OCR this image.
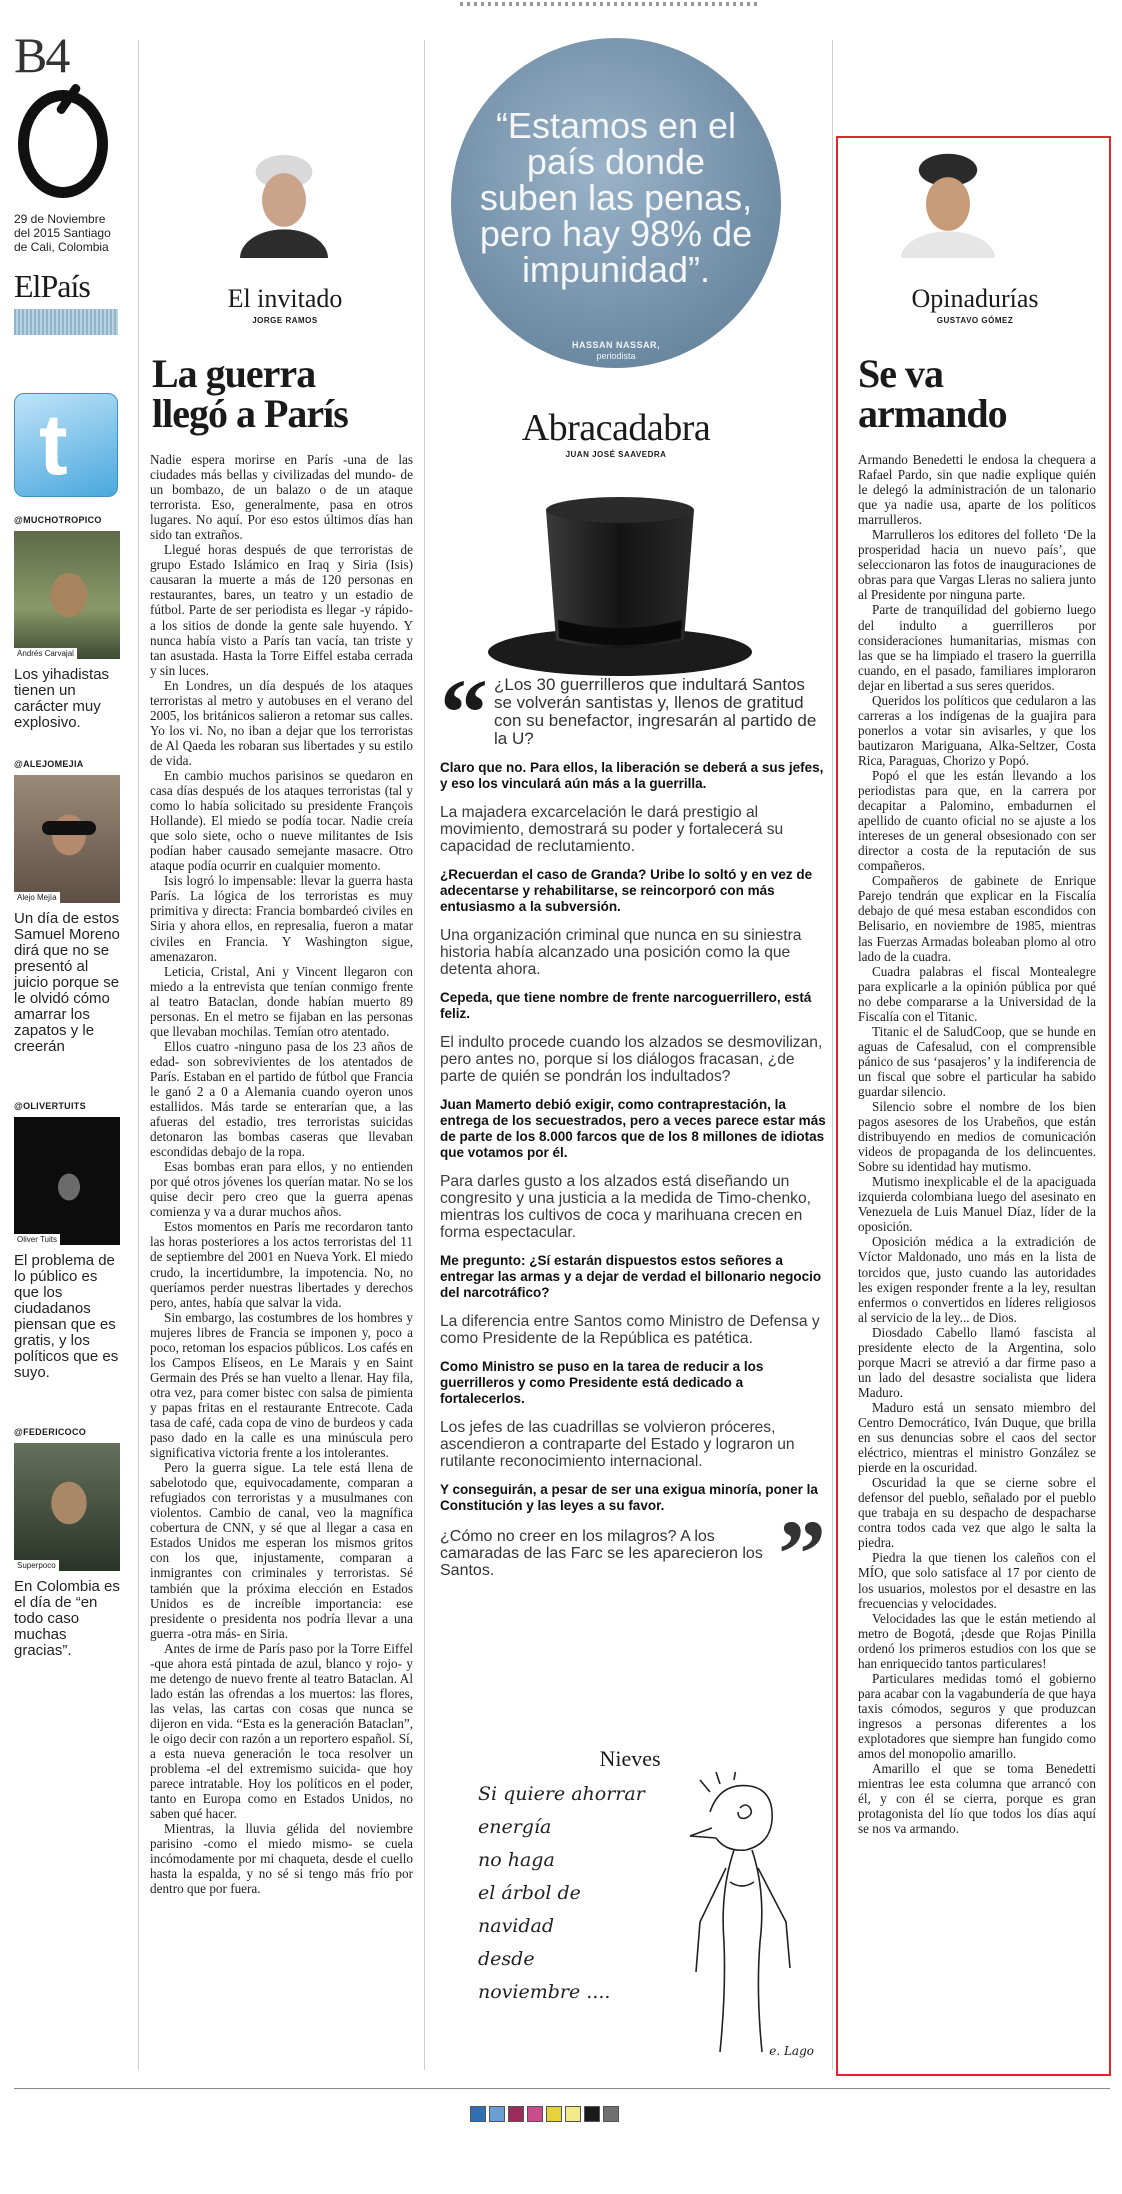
B4
29 de Noviembre del 2015 Santiago de Cali, Colombia
ElPaís
t
@MUCHOTROPICO
Andrés Carvajal
Los yihadistas tienen un carácter muy explosivo.
@ALEJOMEJIA
Alejo Mejía
Un día de estos Samuel Moreno dirá que no se presentó al juicio porque se le olvidó cómo amarrar los zapatos y le creerán
@OLIVERTUITS
Oliver Tuits
El problema de lo público es que los ciudadanos piensan que es gratis, y los políticos que es suyo.
@FEDERICOCO
Superpoco
En Colombia es el día de “en todo caso muchas gracias”.
El invitado
JORGE RAMOS
La guerra
llegó a París

Nadie espera morirse en París -una de las ciudades más bellas y civilizadas del mundo- de un bombazo, de un balazo o de un ataque terrorista. Eso, generalmente, pasa en otros lugares. No aquí. Por eso estos últimos días han sido tan extraños.

Llegué horas después de que terroristas de grupo Estado Islámico en Iraq y Siria (Isis) causaran la muerte a más de 120 personas en restaurantes, bares, un teatro y un estadio de fútbol. Parte de ser periodista es llegar -y rápido- a los sitios de donde la gente sale huyendo. Y nunca había visto a París tan vacía, tan triste y tan asustada. Hasta la Torre Eiffel estaba cerrada y sin luces.

En Londres, un día después de los ataques terroristas al metro y autobuses en el verano del 2005, los británicos salieron a retomar sus calles. Yo los vi. No, no iban a dejar que los terroristas de Al Qaeda les robaran sus libertades y su estilo de vida.

En cambio muchos parisinos se quedaron en casa días después de los ataques terroristas (tal y como lo había solicitado su presidente François Hollande). El miedo se podía tocar. Nadie creía que solo siete, ocho o nueve militantes de Isis podían haber causado semejante masacre. Otro ataque podía ocurrir en cualquier momento.

Isis logró lo impensable: llevar la guerra hasta París. La lógica de los terroristas es muy primitiva y directa: Francia bombardeó civiles en Siria y ahora ellos, en represalia, fueron a matar civiles en Francia. Y Washington sigue, amenazaron.

Leticia, Cristal, Ani y Vincent llegaron con miedo a la entrevista que tenían conmigo frente al teatro Bataclan, donde habían muerto 89 personas. En el metro se fijaban en las personas que llevaban mochilas. Temían otro atentado.

Ellos cuatro -ninguno pasa de los 23 años de edad- son sobrevivientes de los atentados de París. Estaban en el partido de fútbol que Francia le ganó 2 a 0 a Alemania cuando oyeron unos estallidos. Más tarde se enterarían que, a las afueras del estadio, tres terroristas suicidas detonaron las bombas caseras que llevaban escondidas debajo de la ropa.

Esas bombas eran para ellos, y no entienden por qué otros jóvenes los querían matar. No se los quise decir pero creo que la guerra apenas comienza y va a durar muchos años.

Estos momentos en París me recordaron tanto las horas posteriores a los actos terroristas del 11 de septiembre del 2001 en Nueva York. El miedo crudo, la incertidumbre, la impotencia. No, no queríamos perder nuestras libertades y derechos pero, antes, había que salvar la vida.

Sin embargo, las costumbres de los hombres y mujeres libres de Francia se imponen y, poco a poco, retoman los espacios públicos. Los cafés en los Campos Elíseos, en Le Marais y en Saint Germain des Prés se han vuelto a llenar. Hay fila, otra vez, para comer bistec con salsa de pimienta y papas fritas en el restaurante Entrecote. Cada tasa de café, cada copa de vino de burdeos y cada paso dado en la calle es una minúscula pero significativa victoria frente a los intolerantes.

Pero la guerra sigue. La tele está llena de sabelotodo que, equivocadamente, comparan a refugiados con terroristas y a musulmanes con violentos. Cambio de canal, veo la magnífica cobertura de CNN, y sé que al llegar a casa en Estados Unidos me esperan los mismos gritos con los que, injustamente, comparan a inmigrantes con criminales y terroristas. Sé también que la próxima elección en Estados Unidos es de increíble importancia: ese presidente o presidenta nos podría llevar a una guerra -otra más- en Siria.

Antes de irme de París paso por la Torre Eiffel -que ahora está pintada de azul, blanco y rojo- y me detengo de nuevo frente al teatro Bataclan. Al lado están las ofrendas a los muertos: las flores, las velas, las cartas con cosas que nunca se dijeron en vida. “Esta es la generación Bataclan”, le oigo decir con razón a un reportero español. Sí, a esta nueva generación le toca resolver un problema -el del extremismo suicida- que hoy parece intratable. Hoy los políticos en el poder, tanto en Europa como en Estados Unidos, no saben qué hacer.

Mientras, la lluvia gélida del noviembre parisino -como el miedo mismo- se cuela incómodamente por mi chaqueta, desde el cuello hasta la espalda, y no sé si tengo más frío por dentro que por fuera.

“Estamos en el país donde suben las penas, pero hay 98% de impunidad”.
HASSAN NASSAR,
periodista
Abracadabra
JUAN JOSÉ SAAVEDRA
“ ¿Los 30 guerrilleros que indultará Santos se volverán santistas y, llenos de gratitud con su benefactor, ingresarán al partido de la U?
Claro que no. Para ellos, la liberación se deberá a sus jefes, y eso los vinculará aún más a la guerrilla.
La majadera excarcelación le dará prestigio al movimiento, demostrará su poder y fortalecerá su capacidad de reclutamiento.
¿Recuerdan el caso de Granda? Uribe lo soltó y en vez de adecentarse y rehabilitarse, se reincorporó con más entusiasmo a la subversión.
Una organización criminal que nunca en su siniestra historia había alcanzado una posición como la que detenta ahora.
Cepeda, que tiene nombre de frente narcoguerrillero, está feliz.
El indulto procede cuando los alzados se desmovilizan, pero antes no, porque si los diálogos fracasan, ¿de parte de quién se pondrán los indultados?
Juan Mamerto debió exigir, como contraprestación, la entrega de los secuestrados, pero a veces parece estar más de parte de los 8.000 farcos que de los 8 millones de idiotas que votamos por él.
Para darles gusto a los alzados está diseñando un congresito y una justicia a la medida de Timo-chenko, mientras los cultivos de coca y marihuana crecen en forma espectacular.
Me pregunto: ¿Sí estarán dispuestos estos señores a entregar las armas y a dejar de verdad el billonario negocio del narcotráfico?
La diferencia entre Santos como Ministro de Defensa y como Presidente de la República es patética.
Como Ministro se puso en la tarea de reducir a los guerrilleros y como Presidente está dedicado a fortalecerlos.
Los jefes de las cuadrillas se volvieron próceres, ascendieron a contraparte del Estado y lograron un rutilante reconocimiento internacional.
Y conseguirán, a pesar de ser una exigua minoría, poner la Constitución y las leyes a su favor.	”
¿Cómo no creer en los milagros? A los camaradas de las Farc se les aparecieron los Santos.
Nieves
Si quiere ahorrar
energía
no haga
el árbol de
navidad
desde
noviembre ....
e. Lago
Opinadurías
GUSTAVO GÓMEZ
Se va
armando

Armando Benedetti le endosa la chequera a Rafael Pardo, sin que nadie explique quién le delegó la administración de un talonario que ya nadie usa, aparte de los políticos marrulleros.

Marrulleros los editores del folleto ‘De la prosperidad hacia un nuevo país’, que seleccionaron las fotos de inauguraciones de obras para que Vargas Lleras no saliera junto al Presidente por ninguna parte.

Parte de tranquilidad del gobierno luego del indulto a guerrilleros por consideraciones humanitarias, mismas con las que se ha limpiado el trasero la guerrilla cuando, en el pasado, familiares imploraron dejar en libertad a sus seres queridos.

Queridos los políticos que cedularon a las carreras a los indígenas de la guajira para ponerlos a votar sin avisarles, y que los bautizaron Mariguana, Alka-Seltzer, Costa Rica, Paraguas, Chorizo y Popó.

Popó el que les están llevando a los periodistas para que, en la carrera por decapitar a Palomino, embadurnen el apellido de cuanto oficial no se ajuste a los intereses de un general obsesionado con ser director a costa de la reputación de sus compañeros.

Compañeros de gabinete de Enrique Parejo tendrán que explicar en la Fiscalía debajo de qué mesa estaban escondidos con Belisario, en noviembre de 1985, mientras las Fuerzas Armadas boleaban plomo al otro lado de la cuadra.

Cuadra palabras el fiscal Montealegre para explicarle a la opinión pública por qué no debe compararse a la Universidad de la Fiscalía con el Titanic.

Titanic el de SaludCoop, que se hunde en aguas de Cafesalud, con el comprensible pánico de sus ‘pasajeros’ y la indiferencia de un fiscal que sobre el particular ha sabido guardar silencio.

Silencio sobre el nombre de los bien pagos asesores de los Urabeños, que están distribuyendo en medios de comunicación videos de propaganda de los delincuentes. Sobre su identidad hay mutismo.

Mutismo inexplicable el de la apaciguada izquierda colombiana luego del asesinato en Venezuela de Luis Manuel Díaz, líder de la oposición.

Oposición médica a la extradición de Víctor Maldonado, uno más en la lista de torcidos que, justo cuando las autoridades les exigen responder frente a la ley, resultan enfermos o convertidos en líderes religiosos al servicio de la ley... de Dios.

Diosdado Cabello llamó fascista al presidente electo de la Argentina, solo porque Macri se atrevió a dar firme paso a un lado del desastre socialista que lidera Maduro.

Maduro está un sensato miembro del Centro Democrático, Iván Duque, que brilla en sus denuncias sobre el caos del sector eléctrico, mientras el ministro González se pierde en la oscuridad.

Oscuridad la que se cierne sobre el defensor del pueblo, señalado por el pueblo que trabaja en su despacho de despacharse contra todos cada vez que algo le salta la piedra.

Piedra la que tienen los caleños con el MÍO, que solo satisface al 17 por ciento de los usuarios, molestos por el desastre en las frecuencias y velocidades.

Velocidades las que le están metiendo al metro de Bogotá, ¡desde que Rojas Pinilla ordenó los primeros estudios con los que se han enriquecido tantos particulares!

Particulares medidas tomó el gobierno para acabar con la vagabundería de que haya taxis cómodos, seguros y que produzcan ingresos a personas diferentes a los explotadores que siempre han fungido como amos del monopolio amarillo.

Amarillo el que se toma Benedetti mientras lee esta columna que arrancó con él, y con él se cierra, porque es gran protagonista del lío que todos los días aquí se nos va armando.
